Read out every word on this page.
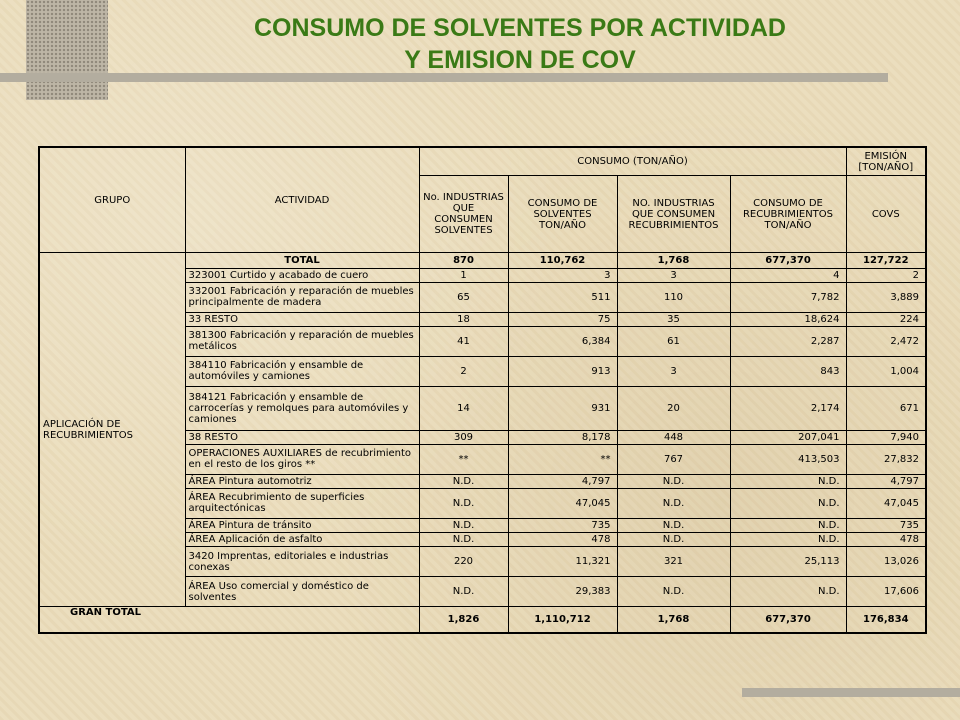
CONSUMO DE SOLVENTES POR ACTIVIDAD
Y EMISION DE COV
GRUPO	ACTIVIDAD	CONSUMO (TON/AÑO)				EMISIÓN
[TON/AÑO]
		No. INDUSTRIAS QUE CONSUMEN SOLVENTES	CONSUMO DE SOLVENTES TON/AÑO	NO. INDUSTRIAS QUE CONSUMEN RECUBRIMIENTOS	CONSUMO DE RECUBRIMIENTOS TON/AÑO	COVS
APLICACIÓN DE RECUBRIMIENTOS	TOTAL	870	110,762	1,768	677,370	127,722
	323001 Curtido y acabado de cuero	1	3	3	4	2
	332001 Fabricación y reparación de muebles principalmente de madera	65	511	110	7,782	3,889
	33 RESTO	18	75	35	18,624	224
	381300 Fabricación y reparación de muebles metálicos	41	6,384	61	2,287	2,472
	384110 Fabricación y ensamble de automóviles y camiones	2	913	3	843	1,004
	384121 Fabricación y ensamble de carrocerías y remolques para automóviles y camiones	14	931	20	2,174	671
	38 RESTO	309	8,178	448	207,041	7,940
	OPERACIONES AUXILIARES de recubrimiento en el resto de los giros **	**	**	767	413,503	27,832
	ÁREA Pintura automotriz	N.D.	4,797	N.D.	N.D.	4,797
	ÁREA Recubrimiento de superficies arquitectónicas	N.D.	47,045	N.D.	N.D.	47,045
	ÁREA Pintura de tránsito	N.D.	735	N.D.	N.D.	735
	ÁREA Aplicación de asfalto	N.D.	478	N.D.	N.D.	478
	3420 Imprentas, editoriales e industrias conexas	220	11,321	321	25,113	13,026
	ÁREA Uso comercial y doméstico de solventes	N.D.	29,383	N.D.	N.D.	17,606
GRAN TOTAL		1,826	1,110,712	1,768	677,370	176,834
